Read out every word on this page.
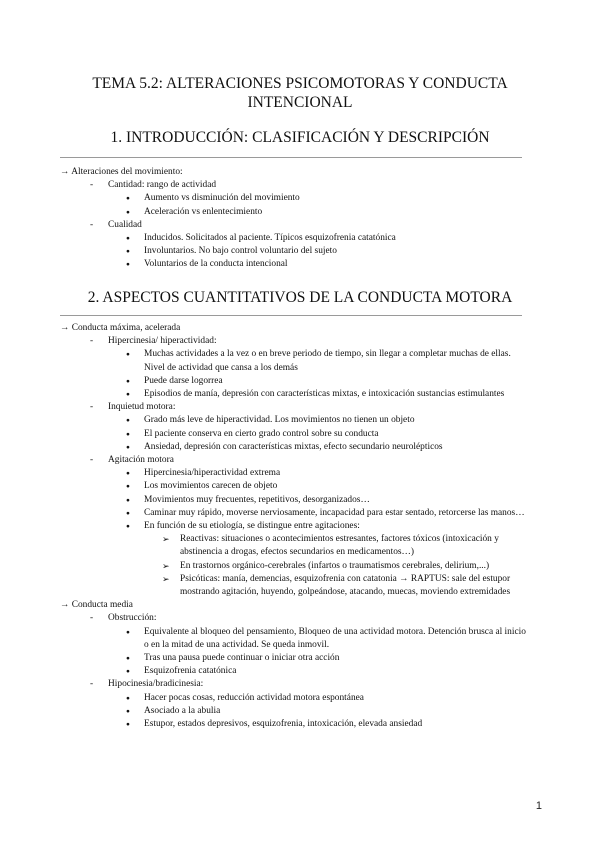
TEMA 5.2: ALTERACIONES PSICOMOTORAS Y CONDUCTA INTENCIONAL
1. INTRODUCCIÓN: CLASIFICACIÓN Y DESCRIPCIÓN
→ Alteraciones del movimiento:
- Cantidad: rango de actividad
● Aumento vs disminución del movimiento
● Aceleración vs enlentecimiento
- Cualidad
● Inducidos. Solicitados al paciente. Típicos esquizofrenia catatónica
● Involuntarios. No bajo control voluntario del sujeto
● Voluntarios de la conducta intencional
2. ASPECTOS CUANTITATIVOS DE LA CONDUCTA MOTORA
→ Conducta máxima, acelerada
- Hipercinesia/ hiperactividad:
● Muchas actividades a la vez o en breve periodo de tiempo, sin llegar a completar muchas de ellas. Nivel de actividad que cansa a los demás
● Puede darse logorrea
● Episodios de manía, depresión con características mixtas, e intoxicación sustancias estimulantes
- Inquietud motora:
● Grado más leve de hiperactividad. Los movimientos no tienen un objeto
● El paciente conserva en cierto grado control sobre su conducta
● Ansiedad, depresión con características mixtas, efecto secundario neurolépticos
- Agitación motora
● Hipercinesia/hiperactividad extrema
● Los movimientos carecen de objeto
● Movimientos muy frecuentes, repetitivos, desorganizados…
● Caminar muy rápido, moverse nerviosamente, incapacidad para estar sentado, retorcerse las manos…
● En función de su etiología, se distingue entre agitaciones:
➢ Reactivas: situaciones o acontecimientos estresantes, factores tóxicos (intoxicación y abstinencia a drogas, efectos secundarios en medicamentos…)
➢ En trastornos orgánico-cerebrales (infartos o traumatismos cerebrales, delirium,...)
➢ Psicóticas: manía, demencias, esquizofrenia con catatonia → RAPTUS: sale del estupor mostrando agitación, huyendo, golpeándose, atacando, muecas, moviendo extremidades
→ Conducta media
- Obstrucción:
● Equivalente al bloqueo del pensamiento, Bloqueo de una actividad motora. Detención brusca al inicio o en la mitad de una actividad. Se queda inmovil.
● Tras una pausa puede continuar o iniciar otra acción
● Esquizofrenia catatónica
- Hipocinesia/bradicinesia:
● Hacer pocas cosas, reducción actividad motora espontánea
● Asociado a la abulia
● Estupor, estados depresivos, esquizofrenia, intoxicación, elevada ansiedad
1
